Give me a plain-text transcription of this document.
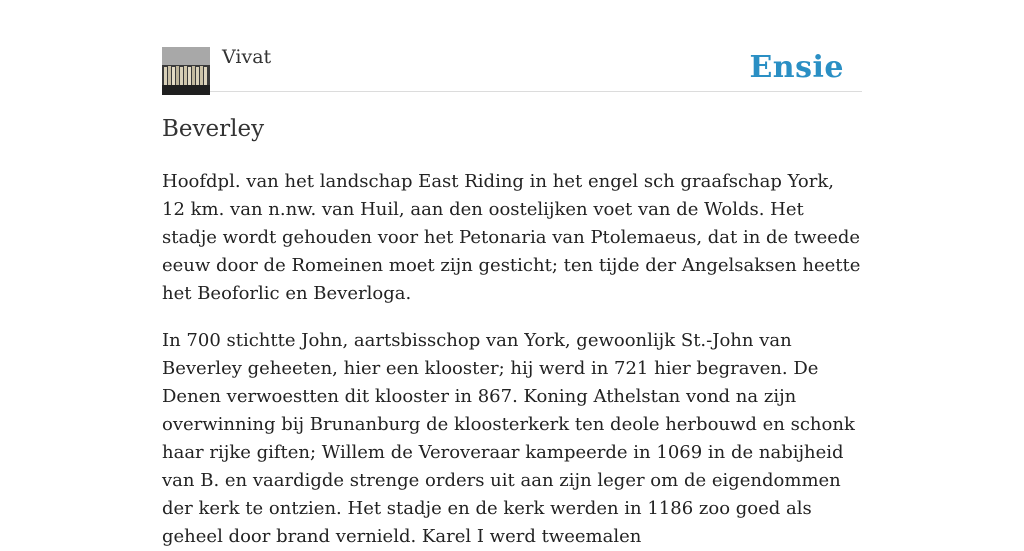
Vivat	Ensie
Beverley

Hoofdpl. van het landschap East Riding in het engel sch graafschap York, 12 km. van n.nw. van Huil, aan den oostelijken voet van de Wolds. Het stadje wordt gehouden voor het Petonaria van Ptolemaeus, dat in de tweede eeuw door de Romeinen moet zijn gesticht; ten tijde der Angelsaksen heette het Beoforlic en Beverloga.

In 700 stichtte John, aartsbisschop van York, gewoonlijk St.-John van Beverley geheeten, hier een klooster; hij werd in 721 hier begraven. De Denen verwoestten dit klooster in 867. Koning Athelstan vond na zijn overwinning bij Brunanburg de kloosterkerk ten deole herbouwd en schonk haar rijke giften; Willem de Veroveraar kampeerde in 1069 in de nabijheid van B. en vaardigde strenge orders uit aan zijn leger om de eigendommen der kerk te ontzien. Het stadje en de kerk werden in 1186 zoo goed als geheel door brand vernield. Karel I werd tweemalen
